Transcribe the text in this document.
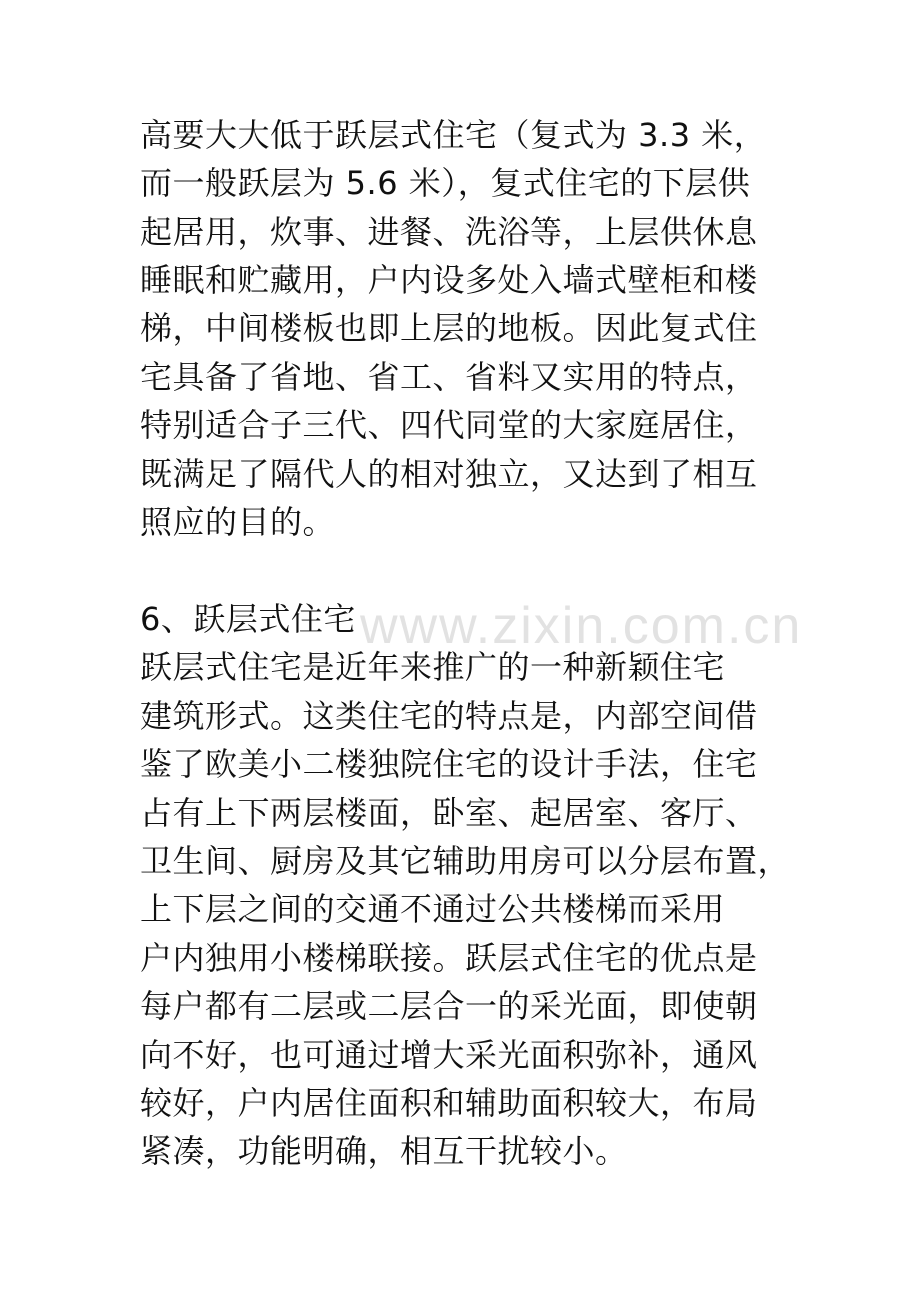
高要大大低于跃层式住宅（复式为 3.3 米，
而一般跃层为 5.6 米），复式住宅的下层供
起居用，炊事、进餐、洗浴等，上层供休息
睡眠和贮藏用，户内设多处入墙式壁柜和楼
梯，中间楼板也即上层的地板。因此复式住
宅具备了省地、省工、省料又实用的特点，
特别适合子三代、四代同堂的大家庭居住，
既满足了隔代人的相对独立，又达到了相互
照应的目的。
www.zixin.com.cn
6、跃层式住宅
跃层式住宅是近年来推广的一种新颖住宅
建筑形式。这类住宅的特点是，内部空间借
鉴了欧美小二楼独院住宅的设计手法，住宅
占有上下两层楼面，卧室、起居室、客厅、
卫生间、厨房及其它辅助用房可以分层布置，
上下层之间的交通不通过公共楼梯而采用
户内独用小楼梯联接。跃层式住宅的优点是
每户都有二层或二层合一的采光面，即使朝
向不好，也可通过增大采光面积弥补，通风
较好，户内居住面积和辅助面积较大，布局
紧凑，功能明确，相互干扰较小。
